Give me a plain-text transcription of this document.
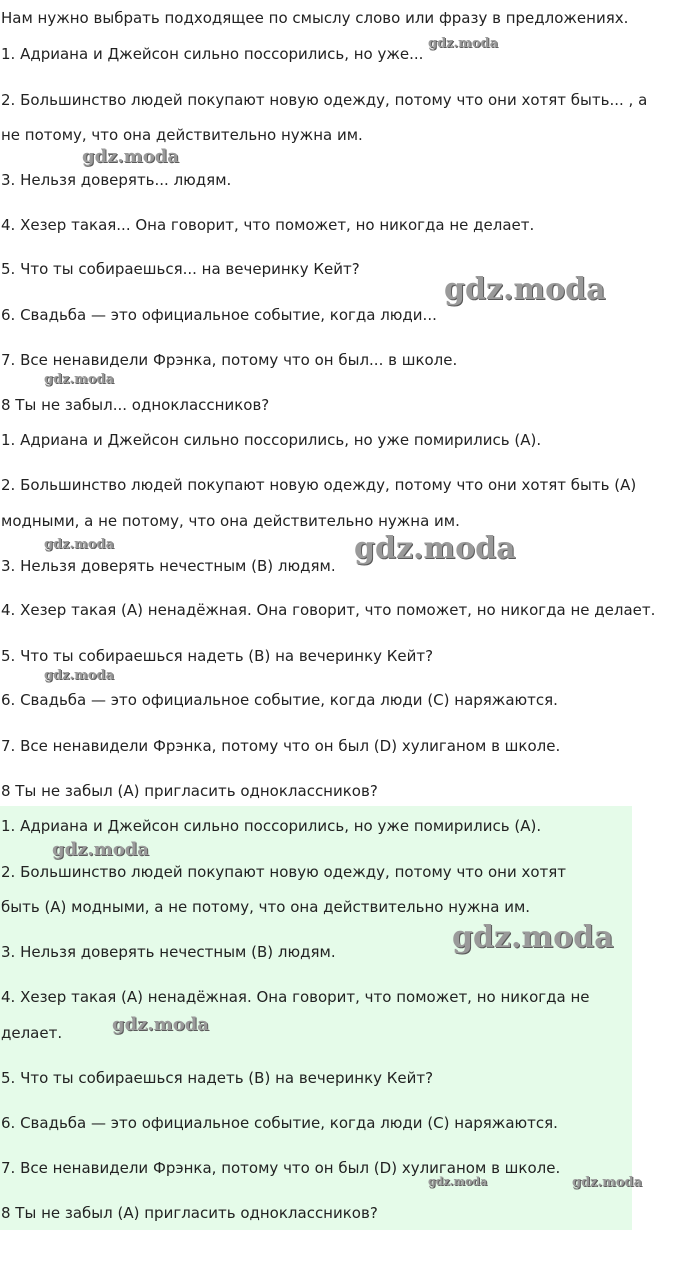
Нам нужно выбрать подходящее по смыслу слово или фразу в предложениях.
1. Адриана и Джейсон сильно поссорились, но уже...
2. Большинство людей покупают новую одежду, потому что они хотят быть... , а
не потому, что она действительно нужна им.
3. Нельзя доверять... людям.
4. Хезер такая... Она говорит, что поможет, но никогда не делает.
5. Что ты собираешься... на вечеринку Кейт?
6. Свадьба — это официальное событие, когда люди...
7. Все ненавидели Фрэнка, потому что он был... в школе.
8 Ты не забыл... одноклассников?
1. Адриана и Джейсон сильно поссорились, но уже помирились (А).
2. Большинство людей покупают новую одежду, потому что они хотят быть (А)
модными, а не потому, что она действительно нужна им.
3. Нельзя доверять нечестным (В) людям.
4. Хезер такая (А) ненадёжная. Она говорит, что поможет, но никогда не делает.
5. Что ты собираешься надеть (В) на вечеринку Кейт?
6. Свадьба — это официальное событие, когда люди (С) наряжаются.
7. Все ненавидели Фрэнка, потому что он был (D) хулиганом в школе.
8 Ты не забыл (А) пригласить одноклассников?
1. Адриана и Джейсон сильно поссорились, но уже помирились (А).
2. Большинство людей покупают новую одежду, потому что они хотят
быть (А) модными, а не потому, что она действительно нужна им.
3. Нельзя доверять нечестным (В) людям.
4. Хезер такая (А) ненадёжная. Она говорит, что поможет, но никогда не
делает.
5. Что ты собираешься надеть (В) на вечеринку Кейт?
6. Свадьба — это официальное событие, когда люди (С) наряжаются.
7. Все ненавидели Фрэнка, потому что он был (D) хулиганом в школе.
8 Ты не забыл (А) пригласить одноклассников?
gdz.moda
gdz.moda
gdz.moda
gdz.moda
gdz.moda	gdz.moda
gdz.moda
gdz.moda
gdz.moda
gdz.moda
gdz.moda	gdz.moda
